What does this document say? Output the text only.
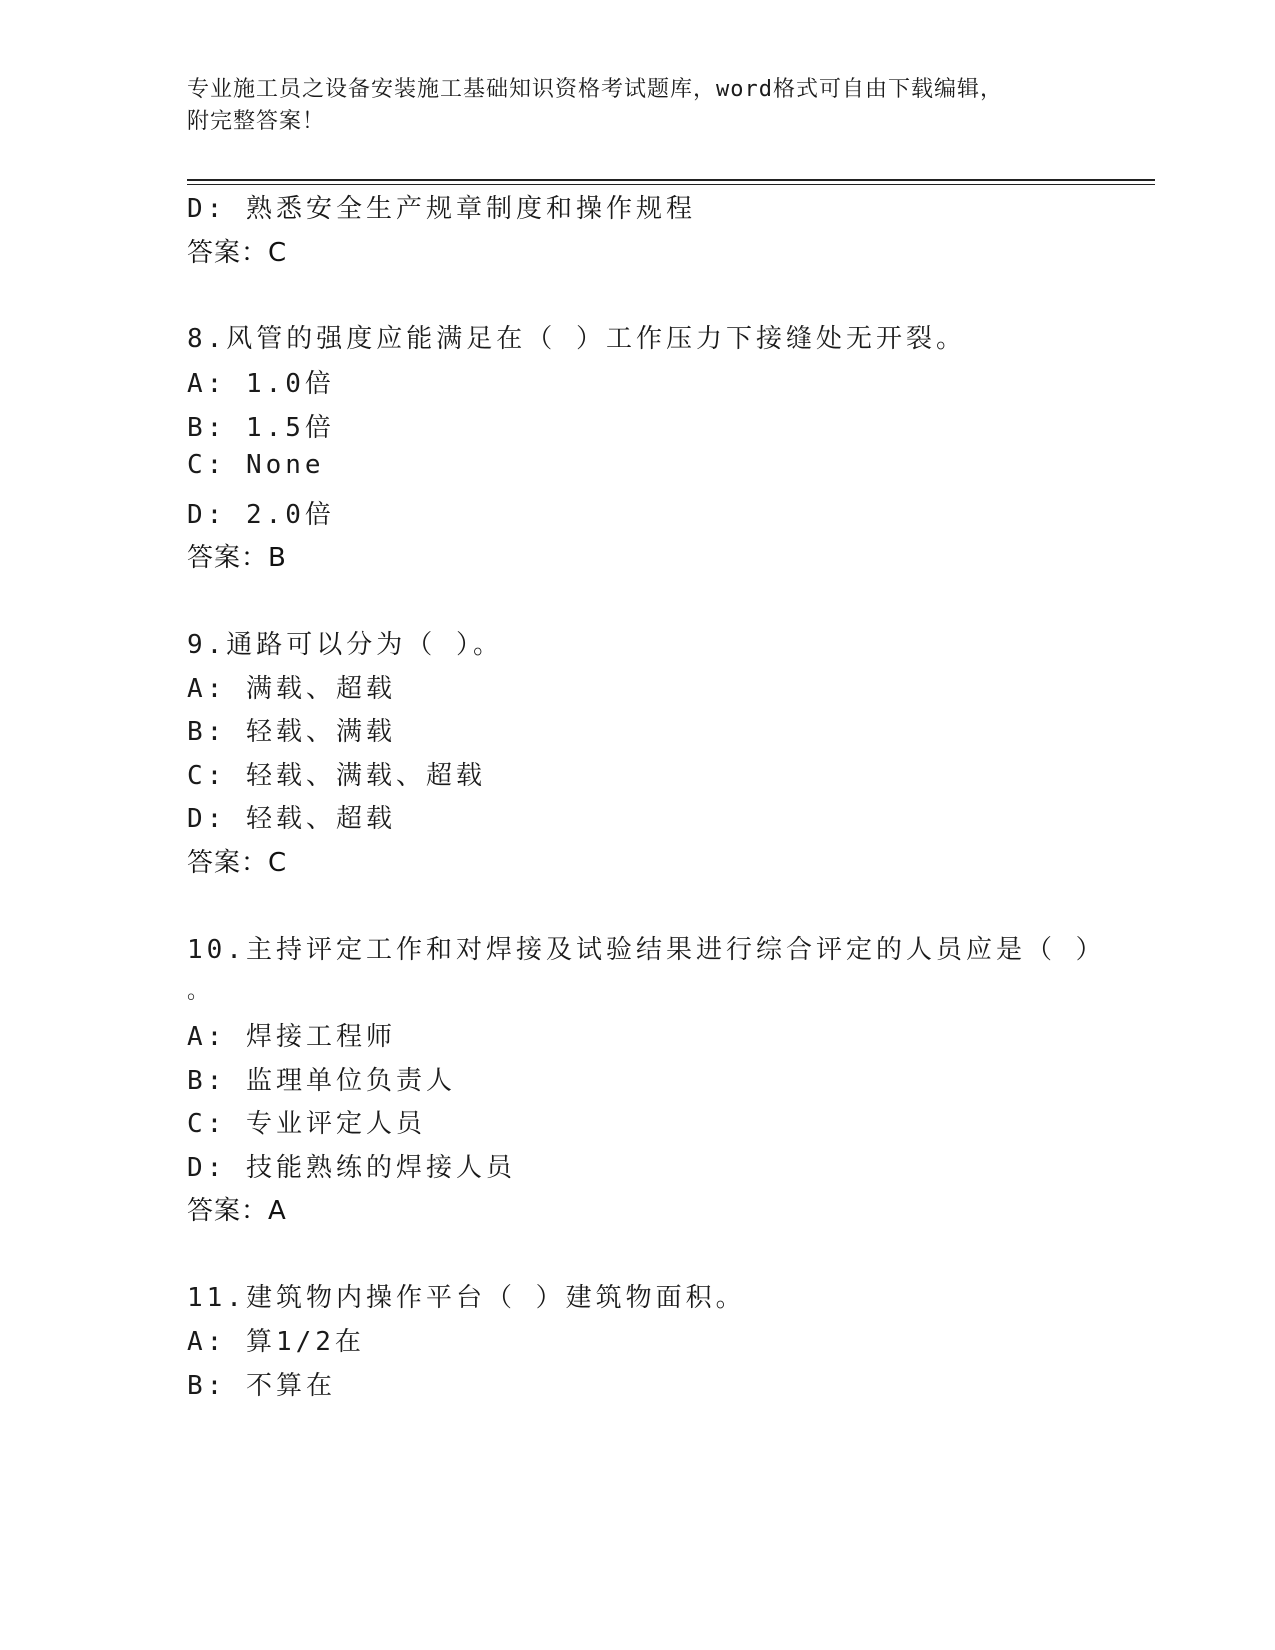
专业施工员之设备安装施工基础知识资格考试题库，word格式可自由下载编辑，
附完整答案！
D: 熟悉安全生产规章制度和操作规程
答案：C
8.风管的强度应能满足在（ ）工作压力下接缝处无开裂。
A: 1.0倍
B: 1.5倍
C: None
D: 2.0倍
答案：B
9.通路可以分为（ ）。
A: 满载、超载
B: 轻载、满载
C: 轻载、满载、超载
D: 轻载、超载
答案：C
10.主持评定工作和对焊接及试验结果进行综合评定的人员应是（ ）
。
A: 焊接工程师
B: 监理单位负责人
C: 专业评定人员
D: 技能熟练的焊接人员
答案：A
11.建筑物内操作平台（ ）建筑物面积。
A: 算1/2在
B: 不算在
